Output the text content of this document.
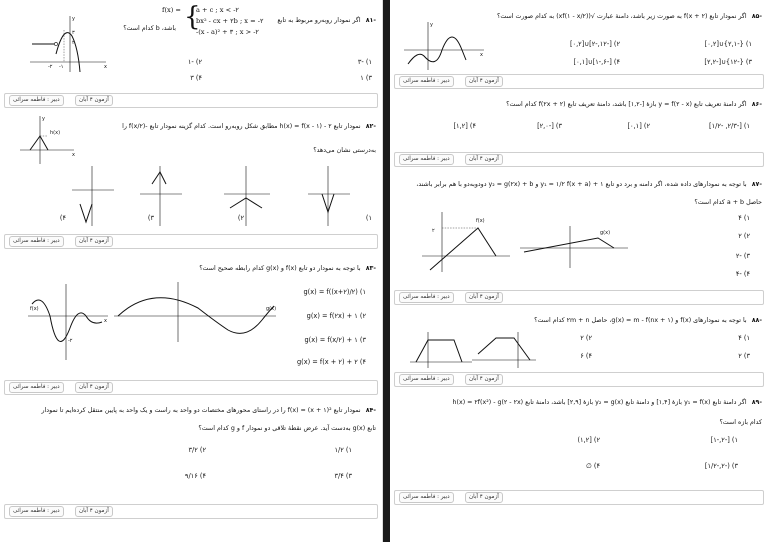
-۸۱ اگر نمودار روبه‌رو مربوط به تابع
باشد، b کدام است؟
f(x) = {
a + c ; x < -۲
bx² - cx + ۲b ; x = -۲
-(x - a)² + ۳ ; x > -۲
x
y
۳
۲
-۲ -۱
۱) -۳
۲) -۱
۳) ۱
۴) ۳
دبیر : فاطمه سرائی	آزمون ۴ آبان
-۸۲ نمودار تابع h(x) = f(x - ۱) - ۲ مطابق شکل روبه‌رو است. کدام گزینه نمودار تابع -f(x/۲) را
به‌درستی نشان می‌دهد؟
y
x
h(x)
۴)	۳)	۲)	۱)
دبیر : فاطمه سرائی	آزمون ۴ آبان
-۸۳ با توجه به نمودار دو تابع f(x) و g(x) کدام رابطه صحیح است؟
f(x)
x
-۲
g(x)
۱) g(x) = f((x+۲)/۲)
۲) g(x) = f(۲x) + ۱
۳) g(x) = f(x/۲) + ۱
۴) g(x) = f(x + ۲) + ۲
دبیر : فاطمه سرائی	آزمون ۴ آبان
-۸۴ نمودار تابع f(x) = (x + ۱)² را در راستای محورهای مختصات دو واحد به راست و یک واحد به پایین منتقل کرده‌ایم تا نمودار
تابع g(x) به‌دست آید. عرض نقطهٔ تلاقی دو نمودار f و g کدام است؟
۱) ۱/۲
۲) ۳/۲
۳) ۳/۴
۴) ۹/۱۶
دبیر : فاطمه سرائی	آزمون ۴ آبان
-۸۵ اگر نمودار تابع f(x + ۲) به صورت زیر باشد، دامنهٔ عبارت √(xf(۱ - x/۲)) به کدام صورت است؟
x
y
۱) {-۲,۱}∪[۰,۲]
۲) [-۱۲,-۲]∪[۰,۲]
۳) {-۱۲}∪[-۲,۲]
۴) [-۶,-۱]∪[۰,۱]
دبیر : فاطمه سرائی	آزمون ۴ آبان
-۸۶ اگر دامنهٔ تعریف تابع y = f(۲ - x) بازهٔ [-۱,۲] باشد، دامنهٔ تعریف تابع f(۲x + ۲) کدام است؟
۱) [-۲/۳, -۱/۲]
۲) [۰,۱]
۳) [-۲,۰]
۴) [۱,۲]
دبیر : فاطمه سرائی	آزمون ۴ آبان
-۸۷ با توجه به نمودارهای داده شده، اگر دامنه و برد دو تابع y₁ = ۱/۲ f(x + a) + ۱ و y₂ = g(۲x) + b دودوبه‌دو با هم برابر باشند،
حاصل a + b کدام است؟
f(x)
۲	g(x)
۱) ۴
۲) ۲
۳) -۲
۴) -۴
دبیر : فاطمه سرائی	آزمون ۴ آبان
-۸۸ با توجه به نمودارهای f(x) و g(x) = m - f(nx + ۱)، حاصل ۲m + n کدام است؟
۱) ۴
۲) ۲
۳) ۲
۴) ۶
دبیر : فاطمه سرائی	آزمون ۴ آبان
-۸۹ اگر دامنهٔ تابع y₁ = f(x) بازهٔ [۱,۴] و دامنهٔ تابع y₂ = g(x) بازهٔ [۲,۹] باشد، دامنهٔ تابع h(x) = ۲f(x²) - g(۲ - ۲x)
کدام بازه است؟
۱) [-۲,-۱]
۲) [۱,۲)
۳) (-۲,-۱/۲]
۴) ∅
دبیر : فاطمه سرائی	آزمون ۴ آبان
